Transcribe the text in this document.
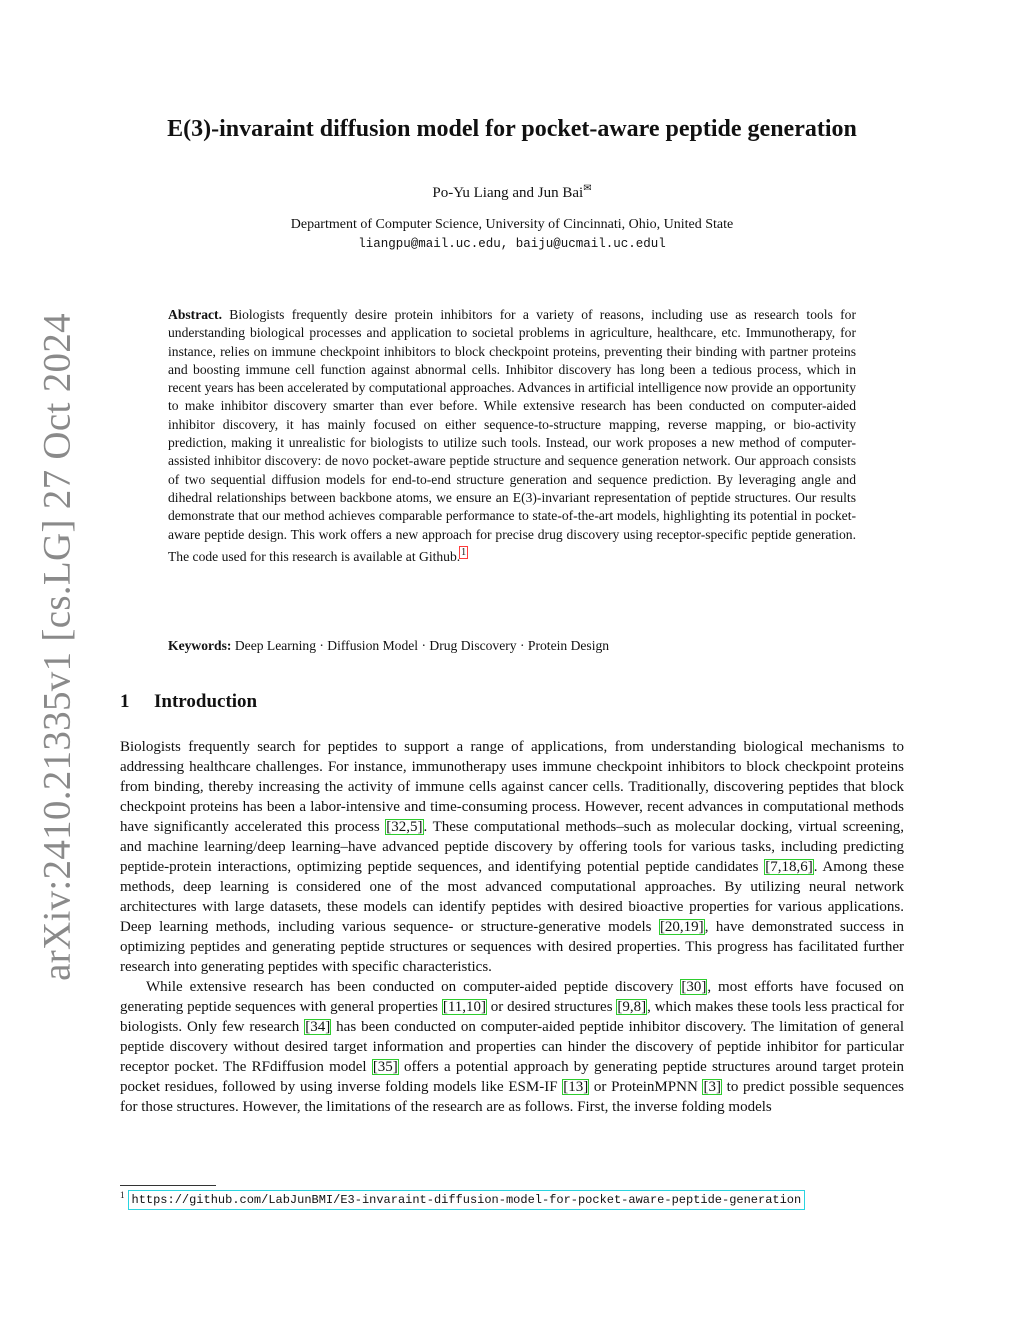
arXiv:2410.21335v1 [cs.LG] 27 Oct 2024
E(3)-invaraint diffusion model for pocket-aware peptide generation
Po-Yu Liang and Jun Bai✉
Department of Computer Science, University of Cincinnati, Ohio, United State
liangpu@mail.uc.edu, baiju@ucmail.uc.edul
Abstract. Biologists frequently desire protein inhibitors for a variety of reasons, including use as research tools for understanding biological processes and application to societal problems in agriculture, healthcare, etc. Immunotherapy, for instance, relies on immune checkpoint inhibitors to block checkpoint proteins, preventing their binding with partner proteins and boosting immune cell function against abnormal cells. Inhibitor discovery has long been a tedious process, which in recent years has been accelerated by computational approaches. Advances in artificial intelligence now provide an opportunity to make inhibitor discovery smarter than ever before. While extensive research has been conducted on computer-aided inhibitor discovery, it has mainly focused on either sequence-to-structure mapping, reverse mapping, or bio-activity prediction, making it unrealistic for biologists to utilize such tools. Instead, our work proposes a new method of computer-assisted inhibitor discovery: de novo pocket-aware peptide structure and sequence generation network. Our approach consists of two sequential diffusion models for end-to-end structure generation and sequence prediction. By leveraging angle and dihedral relationships between backbone atoms, we ensure an E(3)-invariant representation of peptide structures. Our results demonstrate that our method achieves comparable performance to state-of-the-art models, highlighting its potential in pocket-aware peptide design. This work offers a new approach for precise drug discovery using receptor-specific peptide generation. The code used for this research is available at Github.$^1$
Keywords: Deep Learning · Diffusion Model · Drug Discovery · Protein Design
1 Introduction

Biologists frequently search for peptides to support a range of applications, from understanding biological mechanisms to addressing healthcare challenges. For instance, immunotherapy uses immune checkpoint inhibitors to block checkpoint proteins from binding, thereby increasing the activity of immune cells against cancer cells. Traditionally, discovering peptides that block checkpoint proteins has been a labor-intensive and time-consuming process. However, recent advances in computational methods have significantly accelerated this process [32,5]. These computational methods–such as molecular docking, virtual screening, and machine learning/deep learning–have advanced peptide discovery by offering tools for various tasks, including predicting peptide-protein interactions, optimizing peptide sequences, and identifying potential peptide candidates [7,18,6]. Among these methods, deep learning is considered one of the most advanced computational approaches. By utilizing neural network architectures with large datasets, these models can identify peptides with desired bioactive properties for various applications. Deep learning methods, including various sequence- or structure-generative models [20,19], have demonstrated success in optimizing peptides and generating peptide structures or sequences with desired properties. This progress has facilitated further research into generating peptides with specific characteristics.

While extensive research has been conducted on computer-aided peptide discovery [30], most efforts have focused on generating peptide sequences with general properties [11,10] or desired structures [9,8], which makes these tools less practical for biologists. Only few research [34] has been conducted on computer-aided peptide inhibitor discovery. The limitation of general peptide discovery without desired target information and properties can hinder the discovery of peptide inhibitor for particular receptor pocket. The RFdiffusion model [35] offers a potential approach by generating peptide structures around target protein pocket residues, followed by using inverse folding models like ESM-IF [13] or ProteinMPNN [3] to predict possible sequences for those structures. However, the limitations of the research are as follows. First, the inverse folding models

$^1$ https://github.com/LabJunBMI/E3-invaraint-diffusion-model-for-pocket-aware-peptide-generation
